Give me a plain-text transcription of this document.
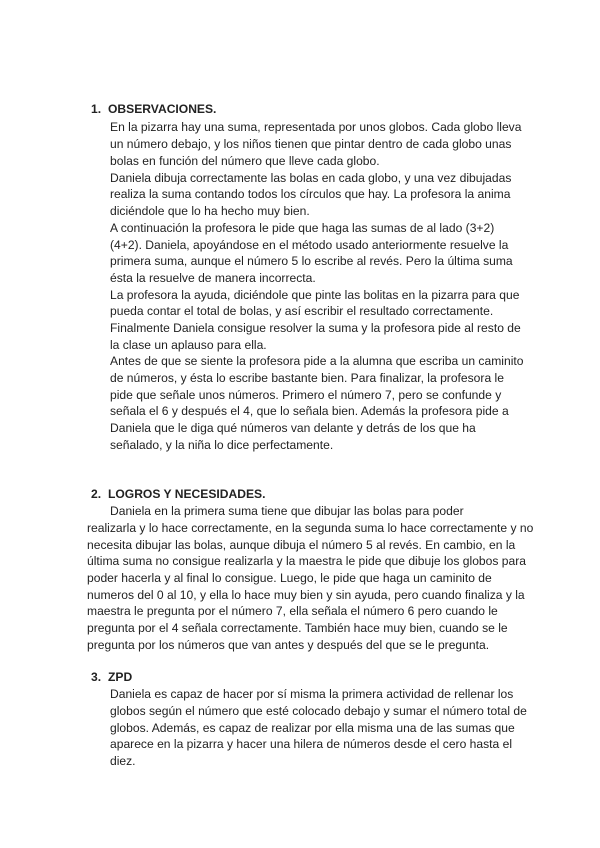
1. OBSERVACIONES.
En la pizarra hay una suma, representada por unos globos. Cada globo lleva
un número debajo, y los niños tienen que pintar dentro de cada globo unas
bolas en función del número que lleve cada globo.
Daniela dibuja correctamente las bolas en cada globo, y una vez dibujadas
realiza la suma contando todos los círculos que hay. La profesora la anima
diciéndole que lo ha hecho muy bien.
A continuación la profesora le pide que haga las sumas de al lado (3+2)
(4+2). Daniela, apoyándose en el método usado anteriormente resuelve la
primera suma, aunque el número 5 lo escribe al revés. Pero la última suma
ésta la resuelve de manera incorrecta.
La profesora la ayuda, diciéndole que pinte las bolitas en la pizarra para que
pueda contar el total de bolas, y así escribir el resultado correctamente.
Finalmente Daniela consigue resolver la suma y la profesora pide al resto de
la clase un aplauso para ella.
Antes de que se siente la profesora pide a la alumna que escriba un caminito
de números, y ésta lo escribe bastante bien. Para finalizar, la profesora le
pide que señale unos números. Primero el número 7, pero se confunde y
señala el 6 y después el 4, que lo señala bien. Además la profesora pide a
Daniela que le diga qué números van delante y detrás de los que ha
señalado, y la niña lo dice perfectamente.
2. LOGROS Y NECESIDADES.
Daniela en la primera suma tiene que dibujar las bolas para poder
realizarla y lo hace correctamente, en la segunda suma lo hace correctamente y no
necesita dibujar las bolas, aunque dibuja el número 5 al revés. En cambio, en la
última suma no consigue realizarla y la maestra le pide que dibuje los globos para
poder hacerla y al final lo consigue. Luego, le pide que haga un caminito de
numeros del 0 al 10, y ella lo hace muy bien y sin ayuda, pero cuando finaliza y la
maestra le pregunta por el número 7, ella señala el número 6 pero cuando le
pregunta por el 4 señala correctamente. También hace muy bien, cuando se le
pregunta por los números que van antes y después del que se le pregunta.
3. ZPD
Daniela es capaz de hacer por sí misma la primera actividad de rellenar los
globos según el número que esté colocado debajo y sumar el número total de
globos. Además, es capaz de realizar por ella misma una de las sumas que
aparece en la pizarra y hacer una hilera de números desde el cero hasta el
diez.
